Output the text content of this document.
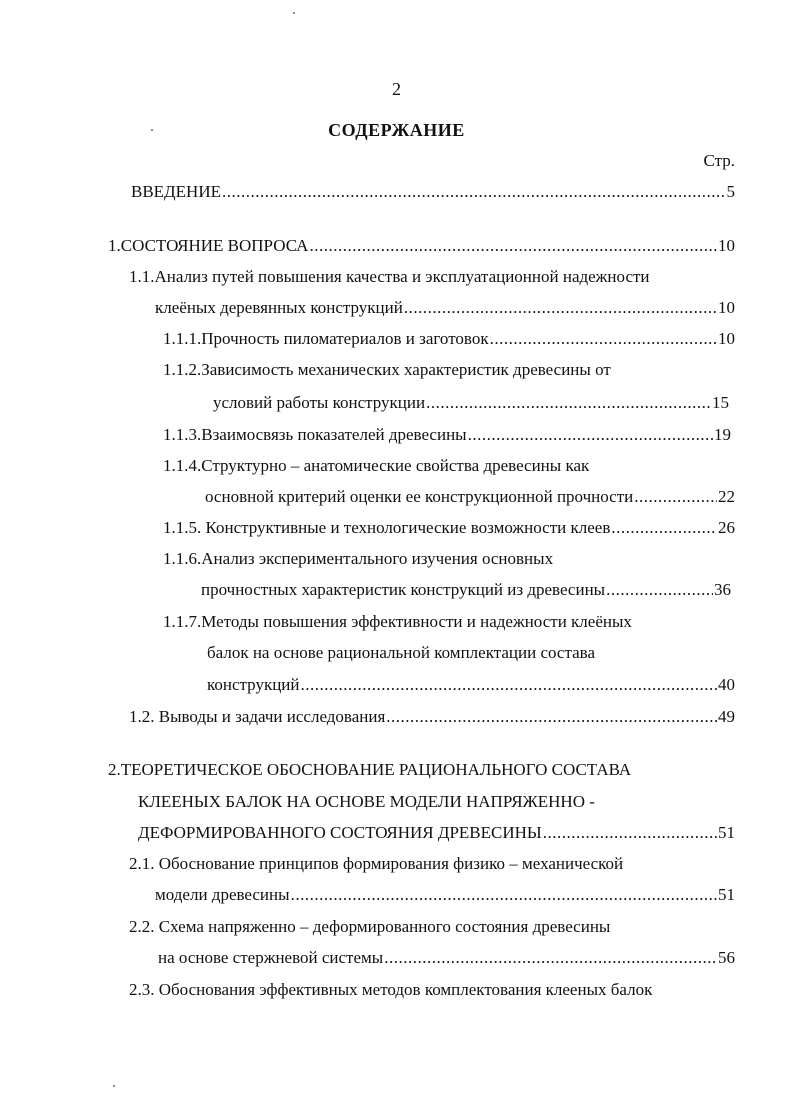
2
СОДЕРЖАНИЕ
Стр.
ВВЕДЕНИЕ .....	5
1.СОСТОЯНИЕ ВОПРОСА .....	10
1.1.Анализ путей повышения качества и эксплуатационной надежности
клеёных деревянных конструкций .....	10
1.1.1.Прочность пиломатериалов и заготовок .....	10
1.1.2.Зависимость механических характеристик древесины от
условий работы конструкции .....	15
1.1.3.Взаимосвязь показателей древесины .....	19
1.1.4.Структурно – анатомические свойства древесины как
основной критерий оценки ее конструкционной прочности .....	22
1.1.5. Конструктивные и технологические возможности клеев .....	26
1.1.6.Анализ экспериментального изучения основных
прочностных характеристик конструкций из древесины .....	36
1.1.7.Методы повышения эффективности и надежности клеёных
балок на основе рациональной комплектации состава
конструкций .....	40
1.2. Выводы и задачи исследования .....	49
2.ТЕОРЕТИЧЕСКОЕ ОБОСНОВАНИЕ РАЦИОНАЛЬНОГО СОСТАВА
КЛЕЕНЫХ БАЛОК НА ОСНОВЕ МОДЕЛИ НАПРЯЖЕННО -
ДЕФОРМИРОВАННОГО СОСТОЯНИЯ ДРЕВЕСИНЫ .....	51
2.1. Обоснование принципов формирования физико – механической
модели древесины .....	51
2.2. Схема напряженно – деформированного состояния древесины
на основе стержневой системы .....	56
2.3. Обоснования эффективных методов комплектования клееных балок
